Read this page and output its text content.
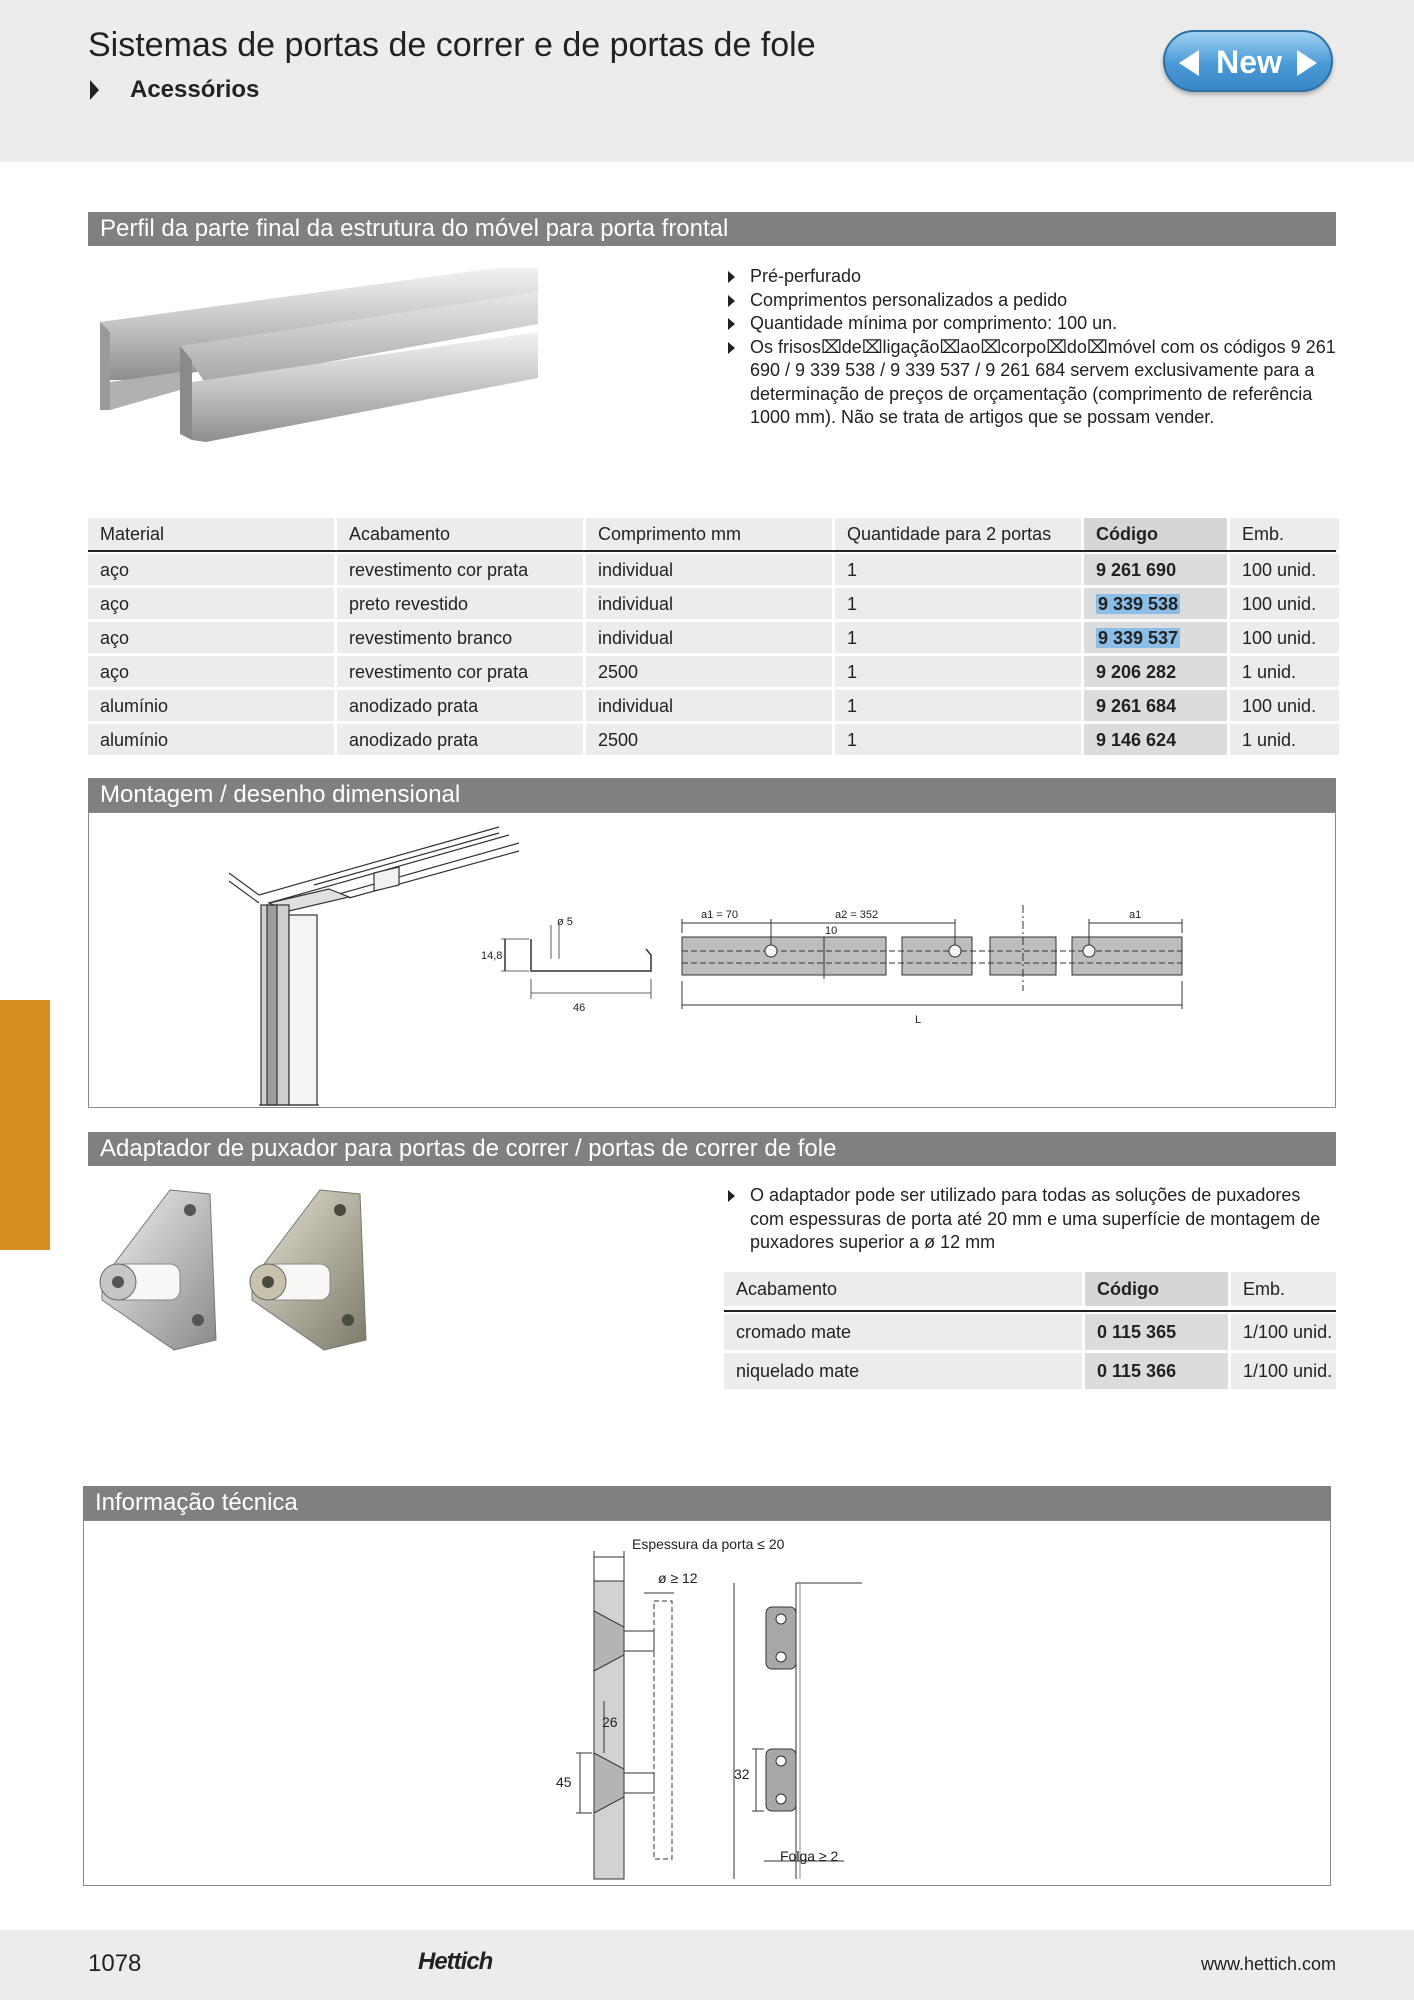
Sistemas de portas de correr e de portas de fole
Acessórios
New
Perfil da parte final da estrutura do móvel para porta frontal
Pré-perfurado
Comprimentos personalizados a pedido
Quantidade mínima por comprimento: 100 un.
Os frisos⌧de⌧ligação⌧ao⌧corpo⌧do⌧móvel com os códigos 9 261 690 / 9 339 538 / 9 339 537 / 9 261 684 servem exclusivamente para a determinação de preços de orçamentação (comprimento de referência 1000 mm). Não se trata de artigos que se possam vender.
Material	Acabamento	Comprimento mm	Quantidade para 2 portas	Código	Emb.
aço	revestimento cor prata	individual	1	9 261 690	100 unid.
aço	preto revestido	individual	1	9 339 538	100 unid.
aço	revestimento branco	individual	1	9 339 537	100 unid.
aço	revestimento cor prata	2500	1	9 206 282	1 unid.
alumínio	anodizado prata	individual	1	9 261 684	100 unid.
alumínio	anodizado prata	2500	1	9 146 624	1 unid.
Montagem / desenho dimensional
ø 5
14,8
46
a1 = 70	a2 = 352
10
a1
L
Adaptador de puxador para portas de correr / portas de correr de fole
O adaptador pode ser utilizado para todas as soluções de puxadores com espessuras de porta até 20 mm e uma superfície de montagem de puxadores superior a ø 12 mm
Acabamento	Código	Emb.
cromado mate	0 115 365	1/100 unid.
niquelado mate	0 115 366	1/100 unid.
Informação técnica
Espessura da porta ≤ 20
ø ≥ 12
26
45	32
Folga ≥ 2
1078	Hettich	www.hettich.com
